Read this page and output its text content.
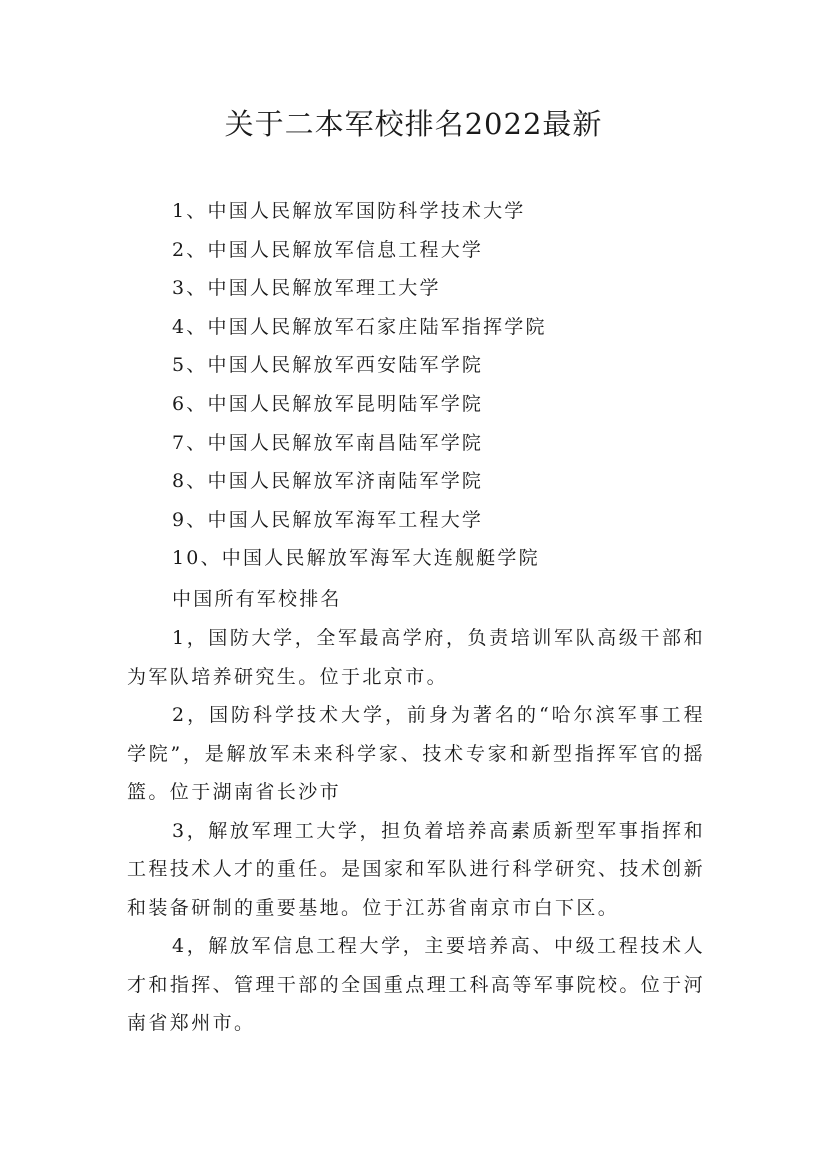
关于二本军校排名2022最新
1、中国人民解放军国防科学技术大学
2、中国人民解放军信息工程大学
3、中国人民解放军理工大学
4、中国人民解放军石家庄陆军指挥学院
5、中国人民解放军西安陆军学院
6、中国人民解放军昆明陆军学院
7、中国人民解放军南昌陆军学院
8、中国人民解放军济南陆军学院
9、中国人民解放军海军工程大学
10、中国人民解放军海军大连舰艇学院

中国所有军校排名

1，国防大学，全军最高学府，负责培训军队高级干部和为军队培养研究生。位于北京市。

2，国防科学技术大学，前身为著名的“哈尔滨军事工程学院”，是解放军未来科学家、技术专家和新型指挥军官的摇篮。位于湖南省长沙市

3，解放军理工大学，担负着培养高素质新型军事指挥和工程技术人才的重任。是国家和军队进行科学研究、技术创新和装备研制的重要基地。位于江苏省南京市白下区。

4，解放军信息工程大学，主要培养高、中级工程技术人才和指挥、管理干部的全国重点理工科高等军事院校。位于河南省郑州市。
